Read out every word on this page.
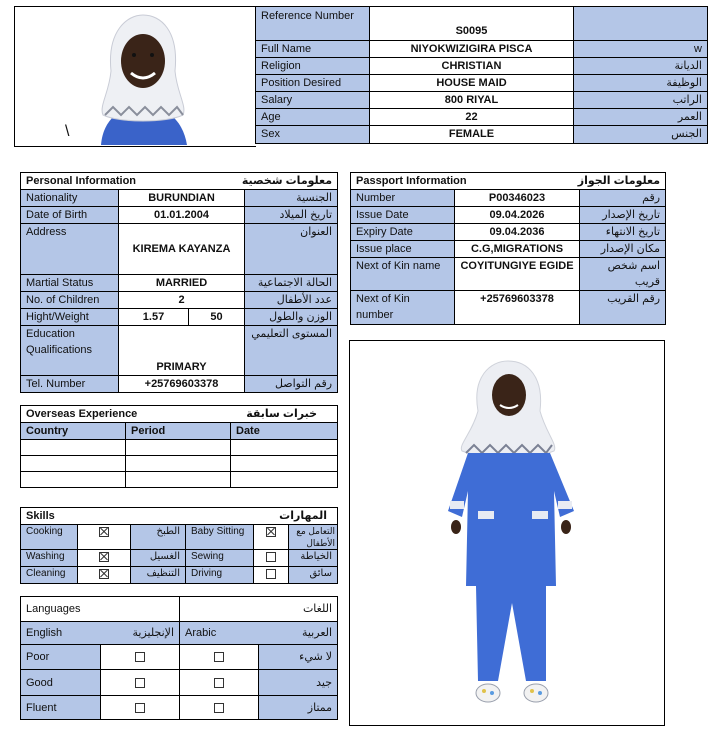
\
Reference Number	S0095	
Full Name	NIYOKWIZIGIRA PISCA	w
Religion	CHRISTIAN	الديانة
Position Desired	HOUSE MAID	الوظيفة
Salary	800 RIYAL	الراتب
Age	22	العمر
Sex	FEMALE	الجنس
Personal Information معلومات شخصية			

Nationality	BURUNDIAN		الجنسية
Date of Birth	01.01.2004		تاريخ الميلاد
Address	KIREMA KAYANZA		العنوان
Martial Status	MARRIED		الحالة الاجتماعية
No. of Children	2		عدد الأطفال
Hight/Weight	1.57	50	الوزن والطول
Education Qualifications	PRIMARY		المستوى التعليمي
Tel. Number	+25769603378		رقم التواصل
Passport Information معلومات الجواز		

Number	P00346023	رقم
Issue Date	09.04.2026	تاريخ الإصدار
Expiry Date	09.04.2036	تاريخ الانتهاء
Issue place	C.G,MIGRATIONS	مكان الإصدار
Next of Kin name	COYITUNGIYE EGIDE	اسم شخص قريب
Next of Kin number	+25769603378	رقم القريب
Overseas Experience خبرات سابقة		

Country	Period	Date

Skills المهارات					

Cooking		الطبخ	Baby Sitting		التعامل مع الأطفال
Washing		الغسيل	Sewing		الخياطة
Cleaning		التنظيف	Driving		سائق
Languages		اللغات	
English الإنجليزية		Arabic العربية	

Poor			لا شيء
Good			جيد
Fluent			ممتاز
